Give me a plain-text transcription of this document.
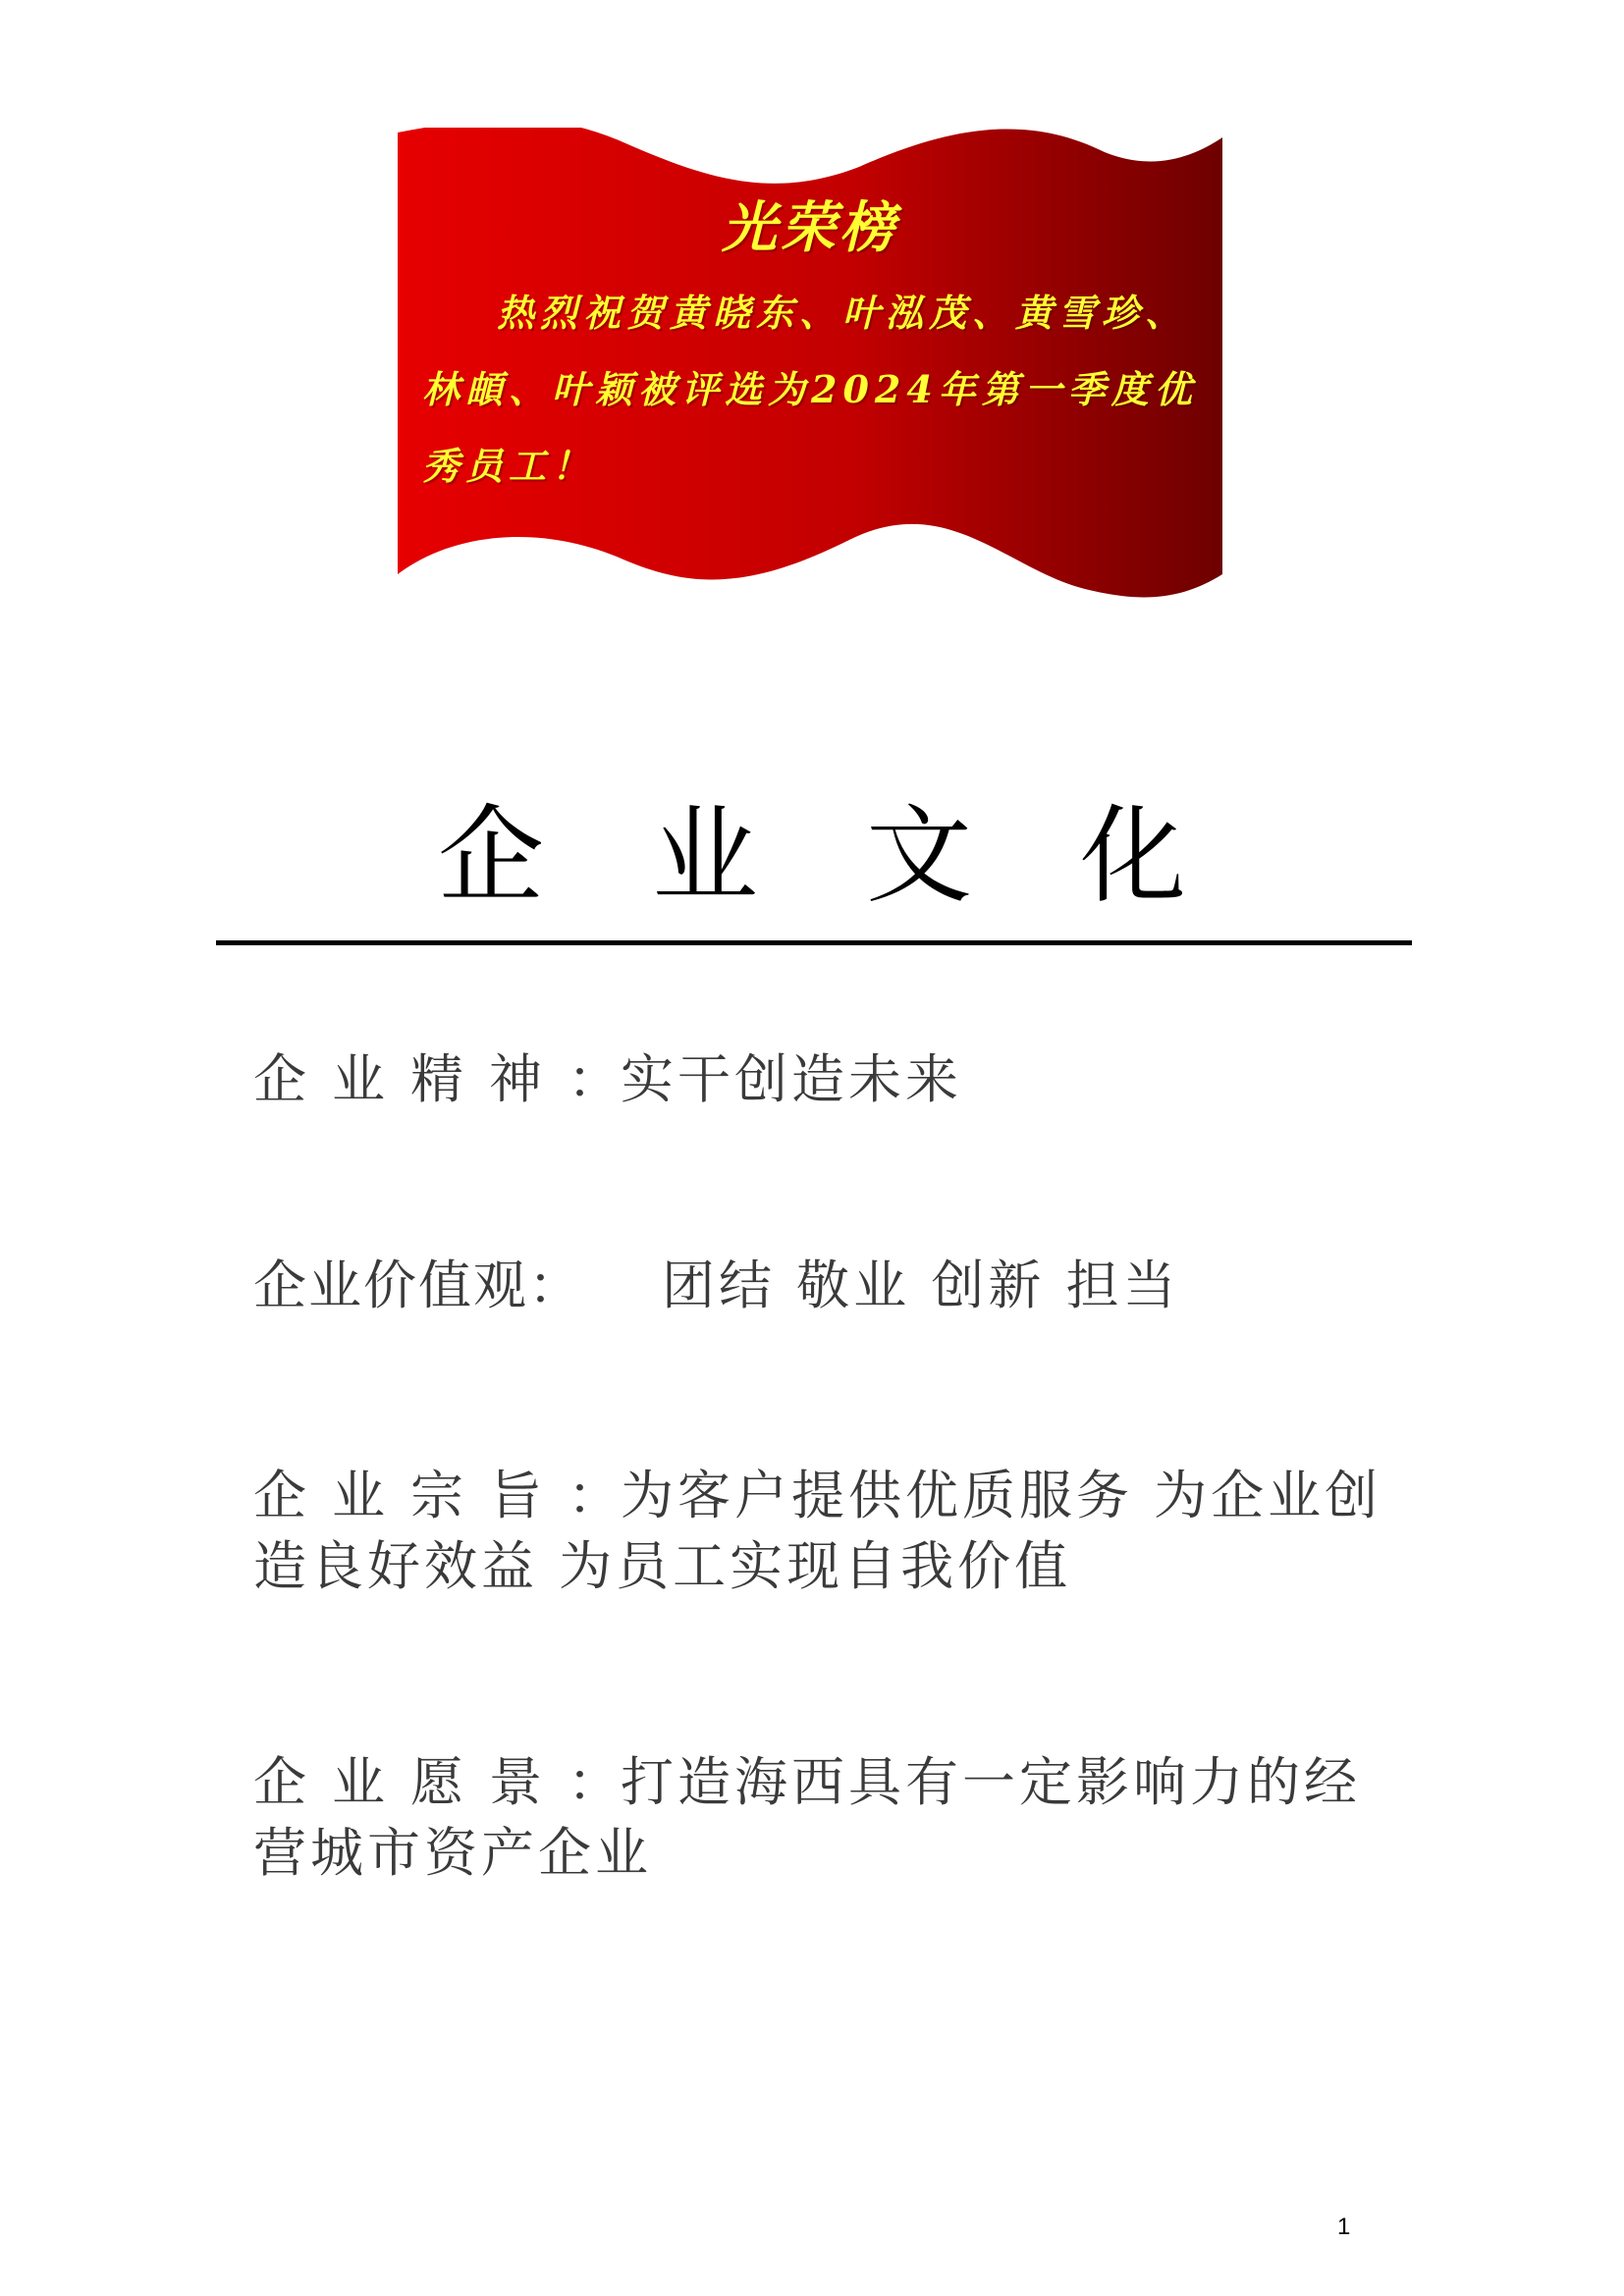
光荣榜
热烈祝贺黄晓东、叶泓茂、黄雪珍、林頔、叶颖被评选为2024年第一季度优秀员工！
企业文化
企业精神：实干创造未来
企业价值观： 团结 敬业 创新 担当
企业宗旨：为客户提供优质服务 为企业创造良好效益 为员工实现自我价值
企业愿景：打造海西具有一定影响力的经营城市资产企业
1
